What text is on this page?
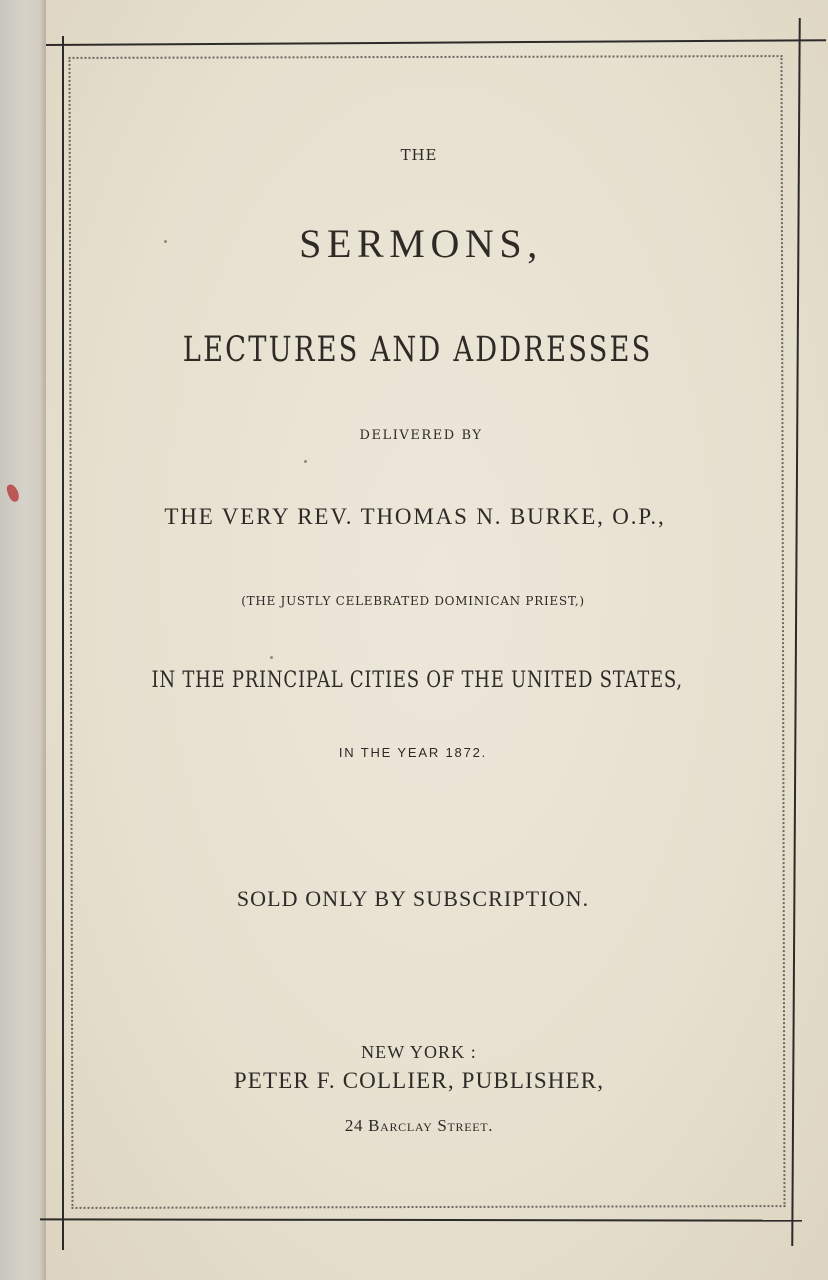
THE
SERMONS,
LECTURES AND ADDRESSES
DELIVERED BY
THE VERY REV. THOMAS N. BURKE, O.P.,
(THE JUSTLY CELEBRATED DOMINICAN PRIEST,)
IN THE PRINCIPAL CITIES OF THE UNITED STATES,
IN THE YEAR 1872.
SOLD ONLY BY SUBSCRIPTION.
NEW YORK :
PETER F. COLLIER, PUBLISHER,
24 Barclay Street.
